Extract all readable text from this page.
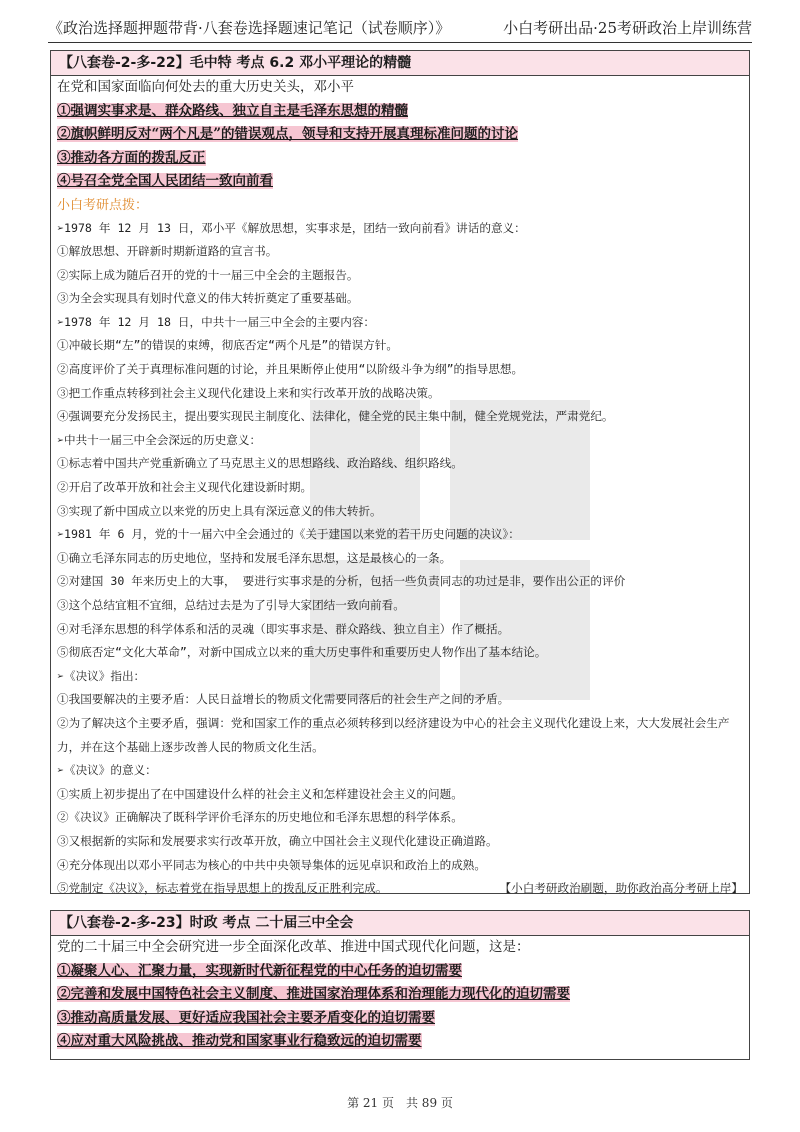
《政治选择题押题带背·八套卷选择题速记笔记（试卷顺序）》	小白考研出品·25考研政治上岸训练营
【八套卷-2-多-22】毛中特 考点 6.2 邓小平理论的精髓
在党和国家面临向何处去的重大历史关头，邓小平
①强调实事求是、群众路线、独立自主是毛泽东思想的精髓
②旗帜鲜明反对“两个凡是”的错误观点，领导和支持开展真理标准问题的讨论
③推动各方面的拨乱反正
④号召全党全国人民团结一致向前看
小白考研点拨：
➢1978 年 12 月 13 日，邓小平《解放思想，实事求是，团结一致向前看》讲话的意义：
①解放思想、开辟新时期新道路的宣言书。
②实际上成为随后召开的党的十一届三中全会的主题报告。
③为全会实现具有划时代意义的伟大转折奠定了重要基础。
➢1978 年 12 月 18 日，中共十一届三中全会的主要内容：
①冲破长期“左”的错误的束缚，彻底否定“两个凡是”的错误方针。
②高度评价了关于真理标准问题的讨论，并且果断停止使用“以阶级斗争为纲”的指导思想。
③把工作重点转移到社会主义现代化建设上来和实行改革开放的战略决策。
④强调要充分发扬民主，提出要实现民主制度化、法律化，健全党的民主集中制，健全党规党法，严肃党纪。
➢中共十一届三中全会深远的历史意义：
①标志着中国共产党重新确立了马克思主义的思想路线、政治路线、组织路线。
②开启了改革开放和社会主义现代化建设新时期。
③实现了新中国成立以来党的历史上具有深远意义的伟大转折。
➢1981 年 6 月，党的十一届六中全会通过的《关于建国以来党的若干历史问题的决议》：
①确立毛泽东同志的历史地位，坚持和发展毛泽东思想，这是最核心的一条。
②对建国 30 年来历史上的大事， 要进行实事求是的分析，包括一些负责同志的功过是非，要作出公正的评价
③这个总结宜粗不宜细，总结过去是为了引导大家团结一致向前看。
④对毛泽东思想的科学体系和活的灵魂（即实事求是、群众路线、独立自主）作了概括。
⑤彻底否定“文化大革命”，对新中国成立以来的重大历史事件和重要历史人物作出了基本结论。
➢《决议》指出：
①我国要解决的主要矛盾：人民日益增长的物质文化需要同落后的社会生产之间的矛盾。
②为了解决这个主要矛盾，强调：党和国家工作的重点必须转移到以经济建设为中心的社会主义现代化建设上来，大大发展社会生产力，并在这个基础上逐步改善人民的物质文化生活。
➢《决议》的意义：
①实质上初步提出了在中国建设什么样的社会主义和怎样建设社会主义的问题。
②《决议》正确解决了既科学评价毛泽东的历史地位和毛泽东思想的科学体系。
③又根据新的实际和发展要求实行改革开放，确立中国社会主义现代化建设正确道路。
④充分体现出以邓小平同志为核心的中共中央领导集体的远见卓识和政治上的成熟。
⑤党制定《决议》，标志着党在指导思想上的拨乱反正胜利完成。	【小白考研政治刷题，助你政治高分考研上岸】
【八套卷-2-多-23】时政 考点 二十届三中全会
党的二十届三中全会研究进一步全面深化改革、推进中国式现代化问题，这是：
①凝聚人心、汇聚力量，实现新时代新征程党的中心任务的迫切需要
②完善和发展中国特色社会主义制度、推进国家治理体系和治理能力现代化的迫切需要
③推动高质量发展、更好适应我国社会主要矛盾变化的迫切需要
④应对重大风险挑战、推动党和国家事业行稳致远的迫切需要
第 21 页　共 89 页
